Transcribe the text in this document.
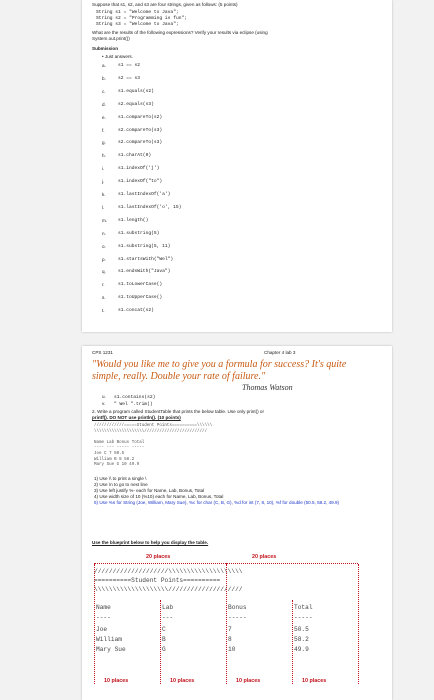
Suppose that s1, s2, and s3 are four strings, given as follows: (5 points)
String s1 = "Welcome to Java";
String s2 = "Programming is fun";
String s3 = "Welcome to Java";
What are the results of the following expressions? Verify your results via eclipse (using
System.out.print())
Submission
• Just answers.
a.	s1 == s2
b.	s2 == s3
c.	s1.equals(s2)
d.	s2.equals(s3)
e.	s1.compareTo(s2)
f.	s2.compareTo(s3)
g.	s2.compareTo(s3)
h.	s1.charAt(0)
i.	s1.indexOf('j')
j.	s1.indexOf("to")
k.	s1.lastIndexOf('a')
l.	s1.lastIndexOf('o', 15)
m. s1.length()
n.	s1.substring(5)
o.	s1.substring(5, 11)
p.	s1.startsWith("Wel")
q.	s1.endsWith("Java")
r.	s1.toLowerCase()
s.	s1.toUpperCase()
t.	s1.concat(s2)
CPS 1231	Chapter 4 lab 3
"Would you like me to give you a formula for success? It's quite simple, really. Double your rate of failure."
Thomas Watson
u. s1.contains(s2)
v. " Wel ".trim()
2. Write a program called StudentTable that prints the below table. Use only print() or
printf(). DO NOT use println(). (10 points)
////////////=====Student Points==========\\\\\\
\\\\\\\\\\\\\\\\\\\\/////////////////////////
Name Lab Bonus Total
---- --- ----- -----
Joe C 7 50.5
William B 8 58.2
Mary Sue G 10 49.9
1) Use \\ to print a single \
2) Use \n to go to next line
3) Use left justify %- each for Name, Lab, Bonus, Total
4) Use width size of 10 (%10) each for Name, Lab, Bonus, Total
5) Use %s for String (Joe, William, Mary Sue), %c for char (C, B, G), %d for int (7, 8, 10), %f for double (50.5, 58.2, 49.9)
Use the blueprint below to help you display the table.
20 places	20 places
////////////////////\\\\\\\\\\\\\\\\\\\\
==========Student Points==========
\\\\\\\\\\\\\\\\\\\\////////////////////
Name	Lab	Bonus	Total
----	---	-----	-----
Joe	C	7	50.5
William	B	8	58.2
Mary Sue	G	10	49.9
10 places	10 places	10 places	10 places
